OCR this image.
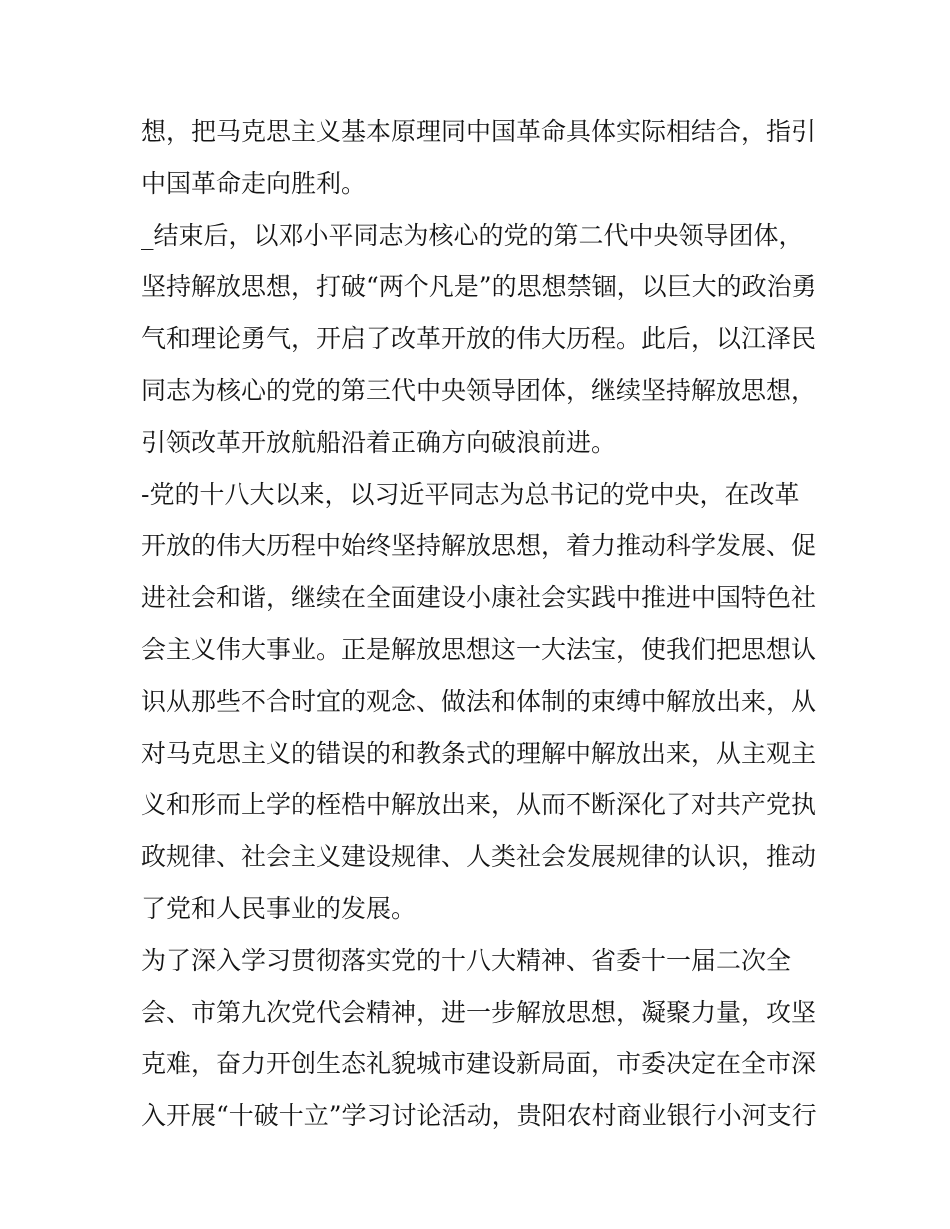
想，把马克思主义基本原理同中国革命具体实际相结合，指引
中国革命走向胜利。
_结束后，以邓小平同志为核心的党的第二代中央领导团体，
坚持解放思想，打破“两个凡是”的思想禁锢，以巨大的政治勇
气和理论勇气，开启了改革开放的伟大历程。此后，以江泽民
同志为核心的党的第三代中央领导团体，继续坚持解放思想，
引领改革开放航船沿着正确方向破浪前进。
-党的十八大以来，以习近平同志为总书记的党中央，在改革
开放的伟大历程中始终坚持解放思想，着力推动科学发展、促
进社会和谐，继续在全面建设小康社会实践中推进中国特色社
会主义伟大事业。正是解放思想这一大法宝，使我们把思想认
识从那些不合时宜的观念、做法和体制的束缚中解放出来，从
对马克思主义的错误的和教条式的理解中解放出来，从主观主
义和形而上学的桎梏中解放出来，从而不断深化了对共产党执
政规律、社会主义建设规律、人类社会发展规律的认识，推动
了党和人民事业的发展。
为了深入学习贯彻落实党的十八大精神、省委十一届二次全
会、市第九次党代会精神，进一步解放思想，凝聚力量，攻坚
克难，奋力开创生态礼貌城市建设新局面，市委决定在全市深
入开展“十破十立”学习讨论活动，贵阳农村商业银行小河支行
